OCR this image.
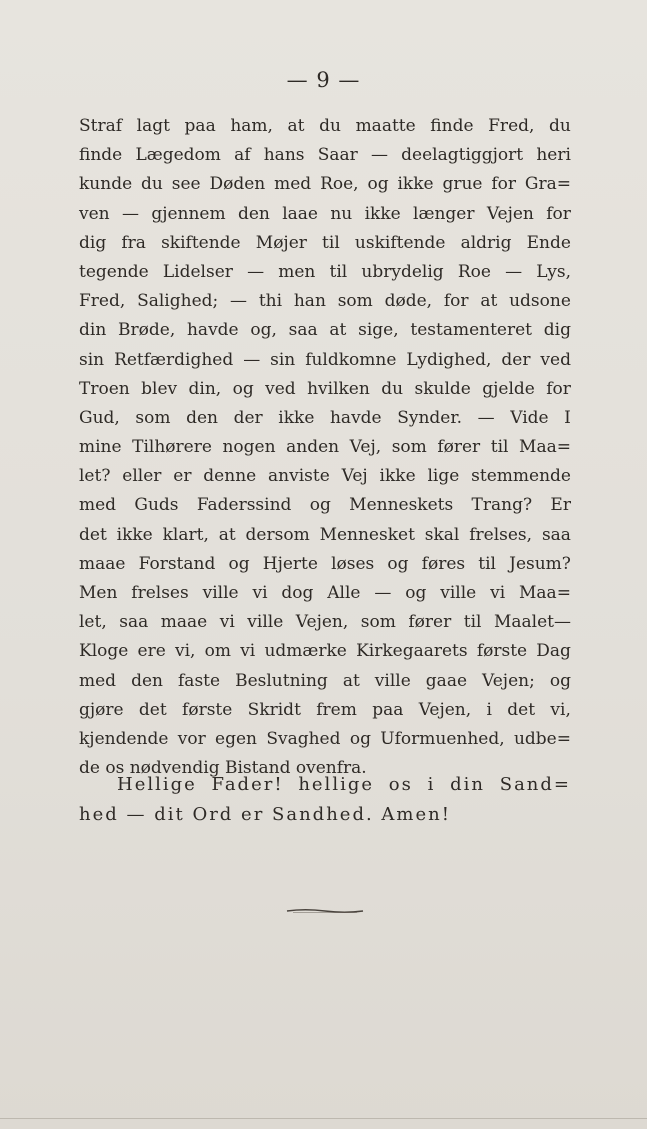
— 9 —
Straf lagt paa ham, at du maatte finde Fred, du
finde Lægedom af hans Saar — deelagtiggjort heri
kunde du see Døden med Roe, og ikke grue for Gra=
ven — gjennem den laae nu ikke længer Vejen for
dig fra skiftende Møjer til uskiftende aldrig Ende
tegende Lidelser — men til ubrydelig Roe — Lys,
Fred, Salighed; — thi han som døde, for at udsone
din Brøde, havde og, saa at sige, testamenteret dig
sin Retfærdighed — sin fuldkomne Lydighed, der ved
Troen blev din, og ved hvilken du skulde gjelde for
Gud, som den der ikke havde Synder. — Vide I
mine Tilhørere nogen anden Vej, som fører til Maa=
let? eller er denne anviste Vej ikke lige stemmende
med Guds Faderssind og Menneskets Trang? Er
det ikke klart, at dersom Mennesket skal frelses, saa
maae Forstand og Hjerte løses og føres til Jesum?
Men frelses ville vi dog Alle — og ville vi Maa=
let, saa maae vi ville Vejen, som fører til Maalet—
Kloge ere vi, om vi udmærke Kirkegaarets første Dag
med den faste Beslutning at ville gaae Vejen; og
gjøre det første Skridt frem paa Vejen, i det vi,
kjendende vor egen Svaghed og Uformuenhed, udbe=
de os nødvendig Bistand ovenfra.
Hellige Fader! hellige os i din Sand=
hed — dit Ord er Sandhed. Amen!
